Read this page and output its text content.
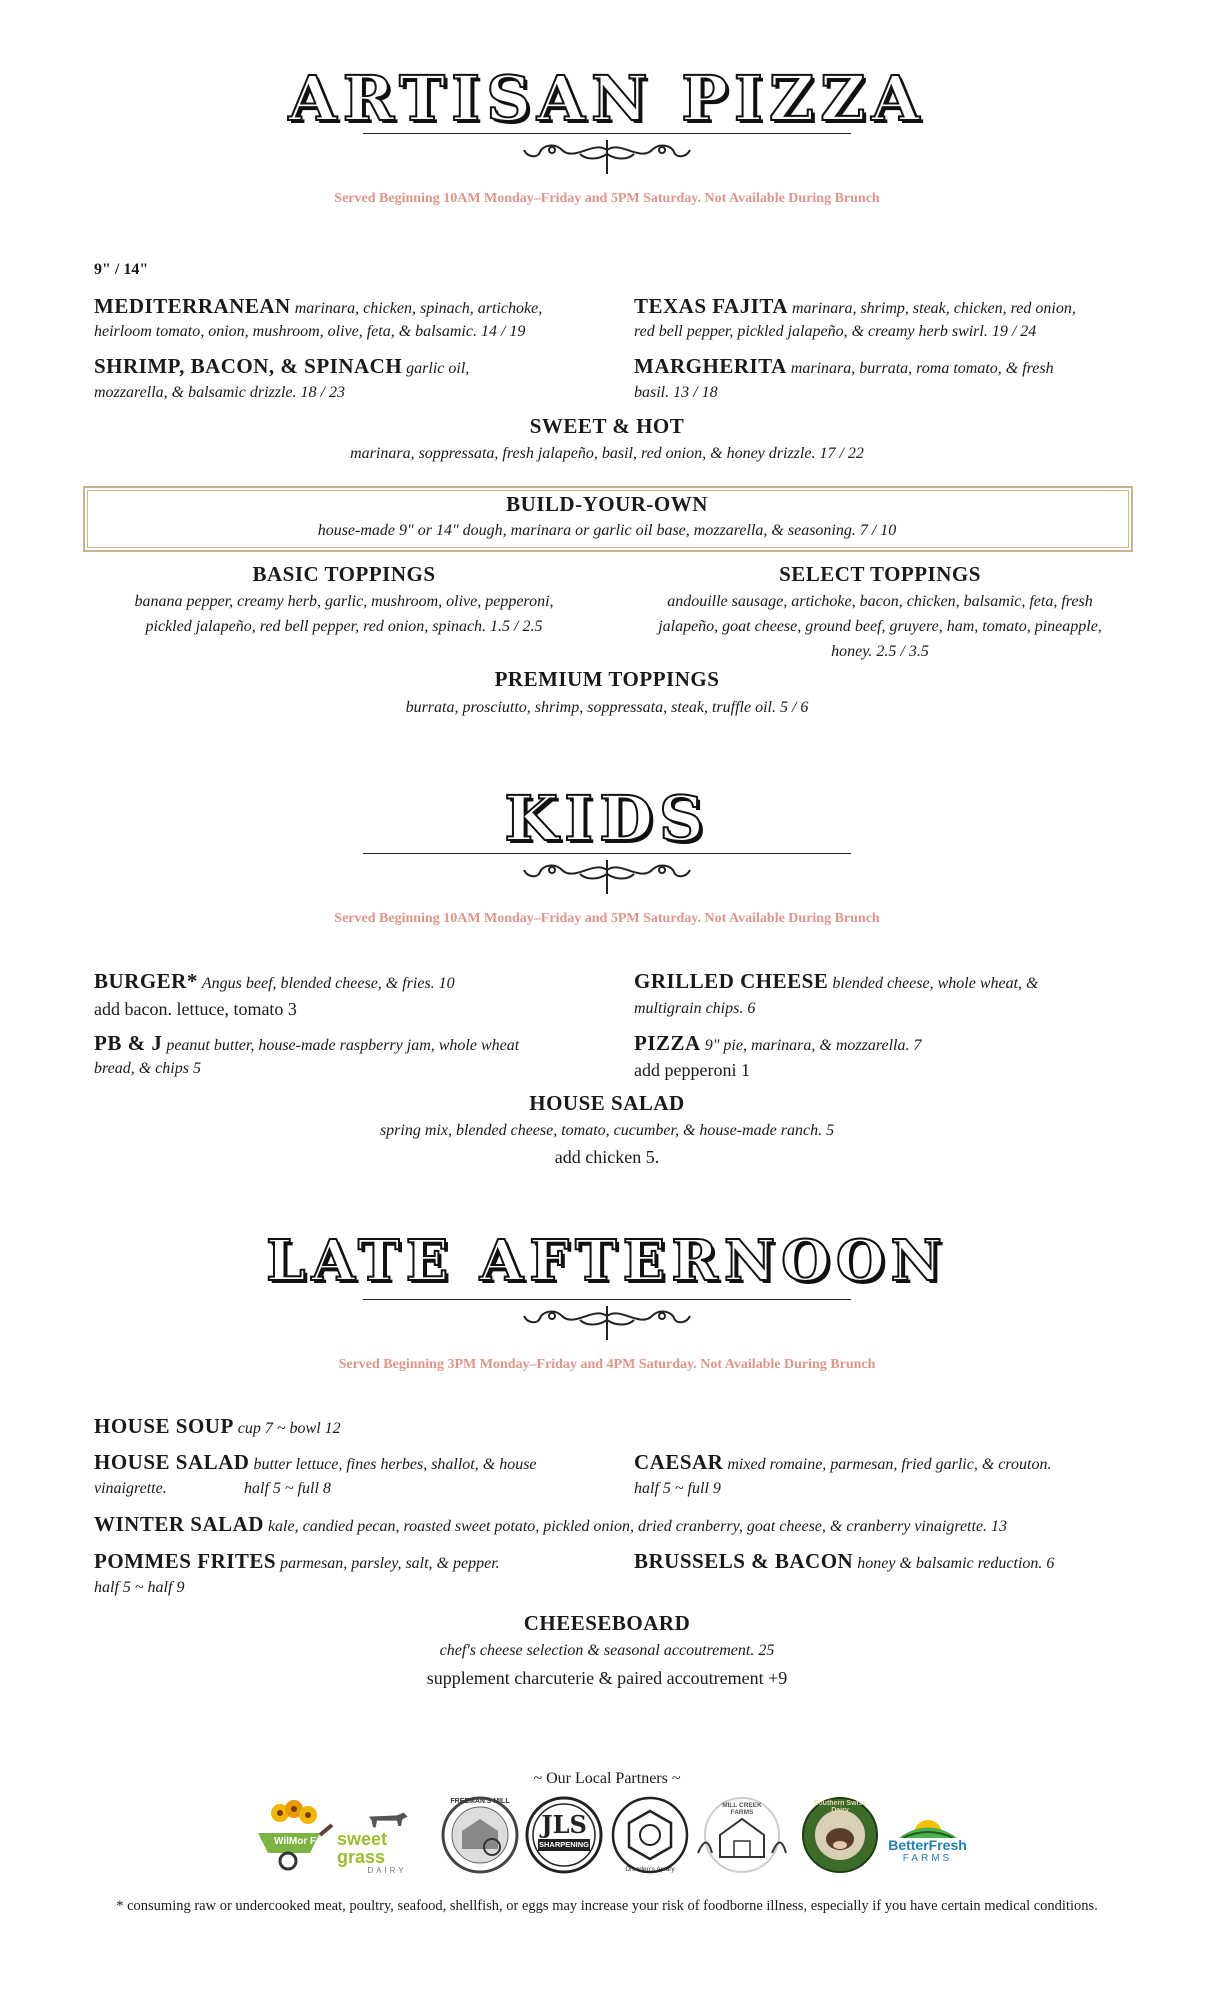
ARTISAN PIZZA
Served Beginning 10AM Monday–Friday and 5PM Saturday. Not Available During Brunch
9" / 14"
MEDITERRANEAN marinara, chicken, spinach, artichoke,
heirloom tomato, onion, mushroom, olive, feta, & balsamic. 14 / 19
TEXAS FAJITA marinara, shrimp, steak, chicken, red onion,
red bell pepper, pickled jalapeño, & creamy herb swirl. 19 / 24
SHRIMP, BACON, & SPINACH garlic oil,
mozzarella, & balsamic drizzle. 18 / 23
MARGHERITA marinara, burrata, roma tomato, & fresh
basil. 13 / 18
SWEET & HOT
marinara, soppressata, fresh jalapeño, basil, red onion, & honey drizzle. 17 / 22
BUILD-YOUR-OWN
house-made 9" or 14" dough, marinara or garlic oil base, mozzarella, & seasoning. 7 / 10
BASIC TOPPINGS
banana pepper, creamy herb, garlic, mushroom, olive, pepperoni,
pickled jalapeño, red bell pepper, red onion, spinach. 1.5 / 2.5
SELECT TOPPINGS
andouille sausage, artichoke, bacon, chicken, balsamic, feta, fresh
jalapeño, goat cheese, ground beef, gruyere, ham, tomato, pineapple,
honey. 2.5 / 3.5
PREMIUM TOPPINGS
burrata, prosciutto, shrimp, soppressata, steak, truffle oil. 5 / 6
KIDS
Served Beginning 10AM Monday–Friday and 5PM Saturday. Not Available During Brunch
BURGER* Angus beef, blended cheese, & fries. 10
add bacon. lettuce, tomato 3
GRILLED CHEESE blended cheese, whole wheat, &
multigrain chips. 6
PB & J peanut butter, house-made raspberry jam, whole wheat
bread, & chips 5
PIZZA 9" pie, marinara, & mozzarella. 7
add pepperoni 1
HOUSE SALAD
spring mix, blended cheese, tomato, cucumber, & house-made ranch. 5
add chicken 5.
LATE AFTERNOON
Served Beginning 3PM Monday–Friday and 4PM Saturday. Not Available During Brunch
HOUSE SOUP cup 7 ~ bowl 12
HOUSE SALAD butter lettuce, fines herbes, shallot, & house
vinaigrette.	half 5 ~ full 8
CAESAR mixed romaine, parmesan, fried garlic, & crouton.
half 5 ~ full 9
WINTER SALAD kale, candied pecan, roasted sweet potato, pickled onion, dried cranberry, goat cheese, & cranberry vinaigrette. 13
POMMES FRITES parmesan, parsley, salt, & pepper.
half 5 ~ half 9
BRUSSELS & BACON honey & balsamic reduction. 6
CHEESEBOARD
chef's cheese selection & seasonal accoutrement. 25
supplement charcuterie & paired accoutrement +9
~ Our Local Partners ~
WilMor Farms
sweet grass
DAIRY
FREEMAN'S MILL
JLS
SHARPENING
Dreaden's Apiary
MILL CREEK FARMS
Southern Swiss Dairy
BetterFresh
FARMS
* consuming raw or undercooked meat, poultry, seafood, shellfish, or eggs may increase your risk of foodborne illness, especially if you have certain medical conditions.
